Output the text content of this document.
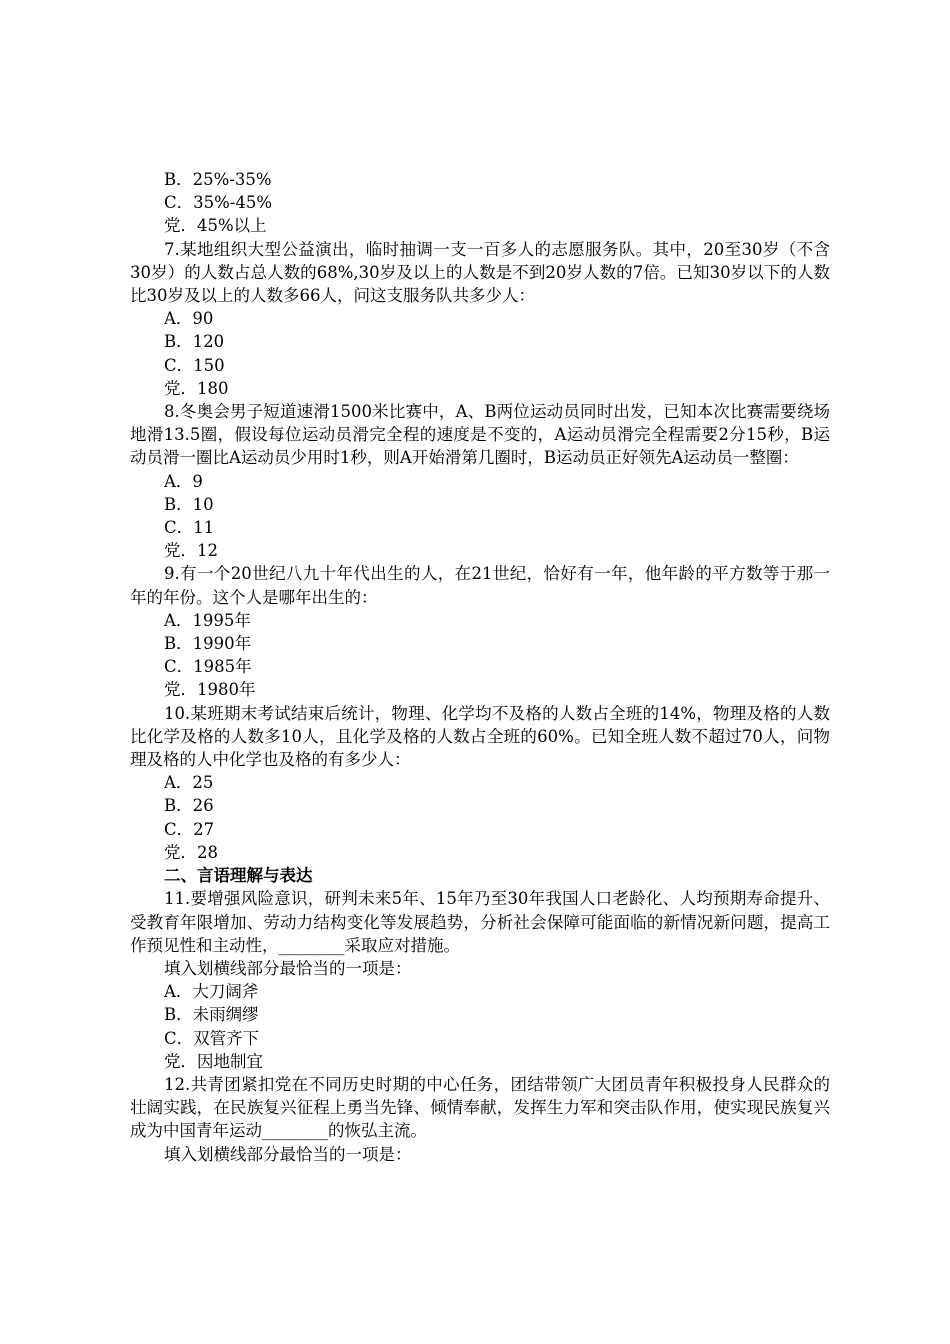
B．25%-35%
C．35%-45%
党．45%以上
7.某地组织大型公益演出，临时抽调一支一百多人的志愿服务队。其中，20至30岁（不含30岁）的人数占总人数的68%,30岁及以上的人数是不到20岁人数的7倍。已知30岁以下的人数比30岁及以上的人数多66人，问这支服务队共多少人：
A．90
B．120
C．150
党．180
8.冬奥会男子短道速滑1500米比赛中，A、B两位运动员同时出发，已知本次比赛需要绕场地滑13.5圈，假设每位运动员滑完全程的速度是不变的，A运动员滑完全程需要2分15秒，B运动员滑一圈比A运动员少用时1秒，则A开始滑第几圈时，B运动员正好领先A运动员一整圈：
A．9
B．10
C．11
党．12
9.有一个20世纪八九十年代出生的人，在21世纪，恰好有一年，他年龄的平方数等于那一年的年份。这个人是哪年出生的：
A．1995年
B．1990年
C．1985年
党．1980年
10.某班期末考试结束后统计，物理、化学均不及格的人数占全班的14%，物理及格的人数比化学及格的人数多10人，且化学及格的人数占全班的60%。已知全班人数不超过70人，问物理及格的人中化学也及格的有多少人：
A．25
B．26
C．27
党．28
二、言语理解与表达
11.要增强风险意识，研判未来5年、15年乃至30年我国人口老龄化、人均预期寿命提升、受教育年限增加、劳动力结构变化等发展趋势，分析社会保障可能面临的新情况新问题，提高工作预见性和主动性，________采取应对措施。
填入划横线部分最恰当的一项是：
A．大刀阔斧
B．未雨绸缪
C．双管齐下
党．因地制宜
12.共青团紧扣党在不同历史时期的中心任务，团结带领广大团员青年积极投身人民群众的壮阔实践，在民族复兴征程上勇当先锋、倾情奉献，发挥生力军和突击队作用，使实现民族复兴成为中国青年运动________的恢弘主流。
填入划横线部分最恰当的一项是：
